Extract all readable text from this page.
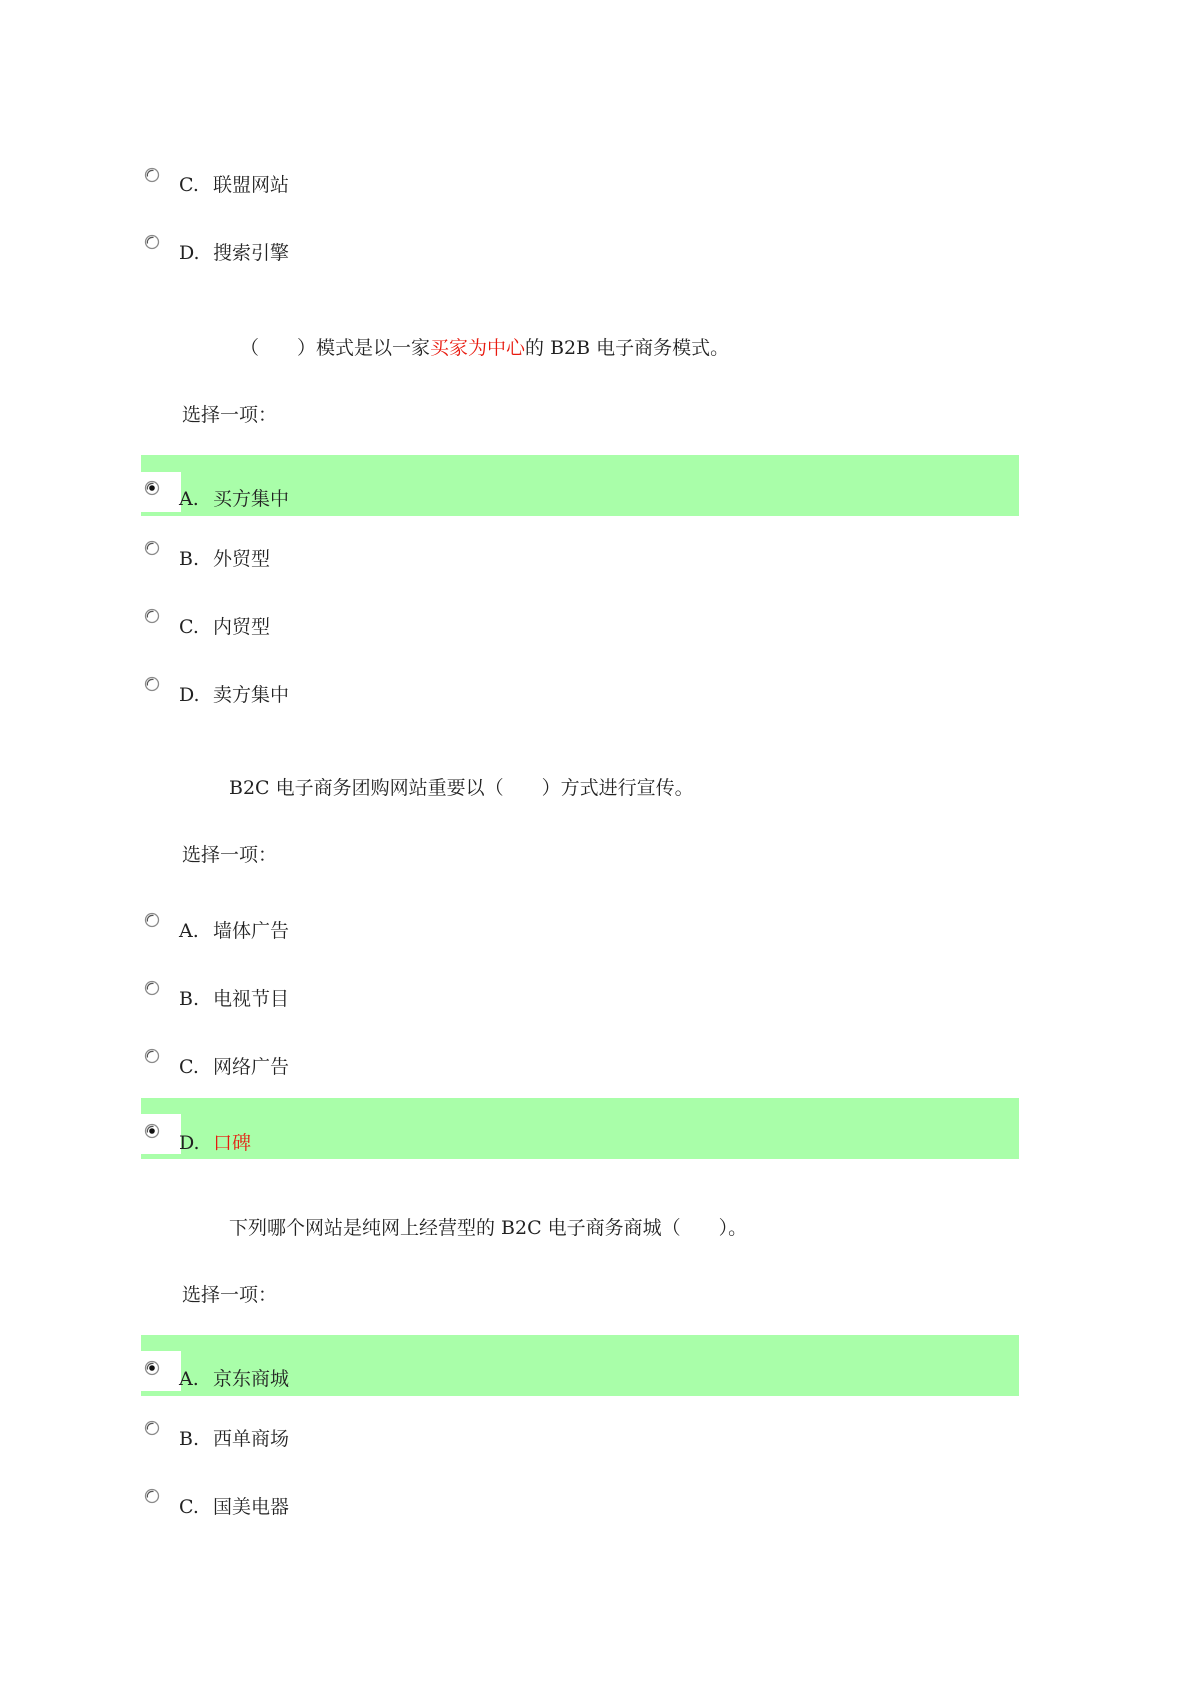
C. 联盟网站
D. 搜索引擎
（　　）模式是以一家买家为中心的 B2B 电子商务模式。
选择一项：
A. 买方集中
B. 外贸型
C. 内贸型
D. 卖方集中
B2C 电子商务团购网站重要以（　　）方式进行宣传。
选择一项：
A. 墙体广告
B. 电视节目
C. 网络广告
D. 口碑
下列哪个网站是纯网上经营型的 B2C 电子商务商城（　　）。
选择一项：
A. 京东商城
B. 西单商场
C. 国美电器
